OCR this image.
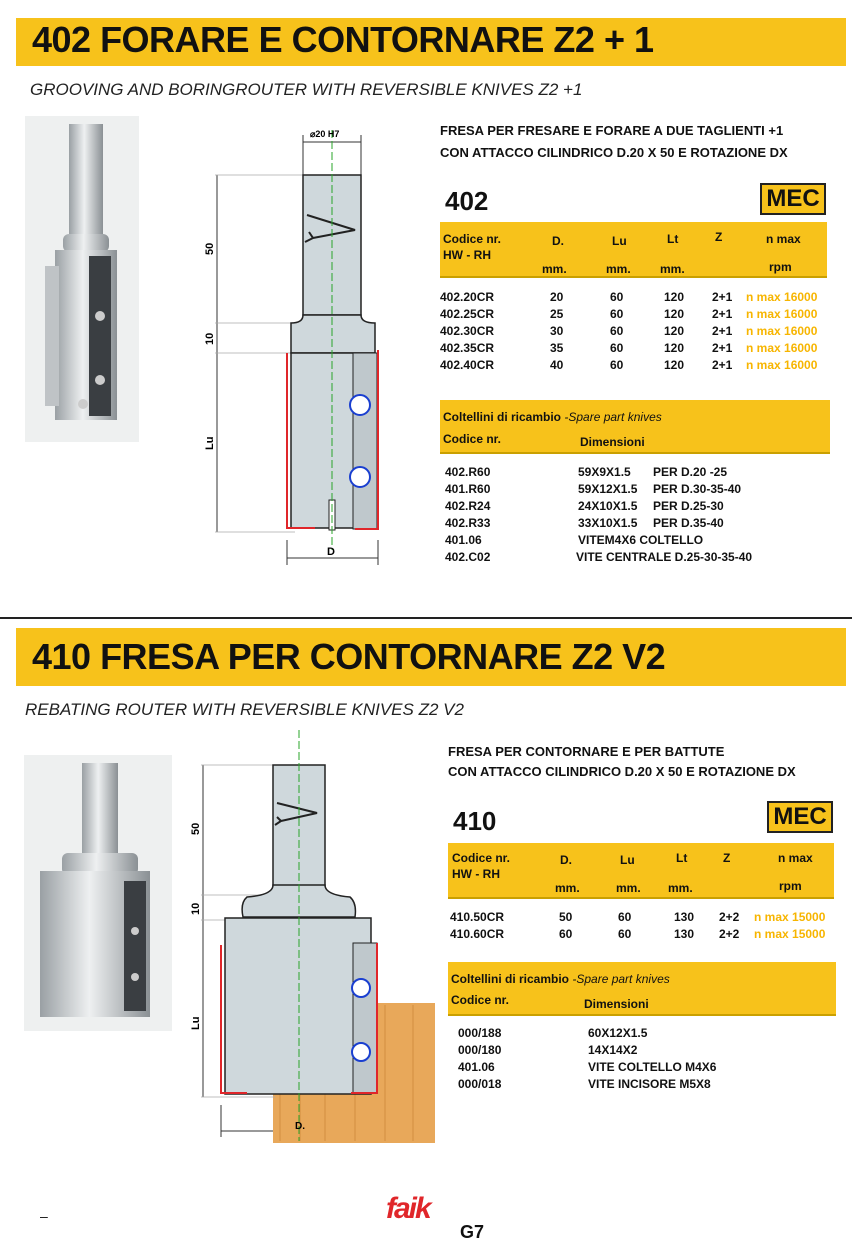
402 FORARE E CONTORNARE Z2 + 1
GROOVING AND BORINGROUTER WITH REVERSIBLE KNIVES Z2 +1
⌀20 H7
50
10
Lu
D
FRESA PER FRESARE E FORARE A DUE TAGLIENTI +1
CON ATTACCO CILINDRICO D.20 X 50 E ROTAZIONE DX
402	MEC
Codice nr.
HW - RH
D.	Lu	Lt	Z	n max
mm.	mm. mm.	rpm
402.20CR	20	60	120 2+1 n max 16000
402.25CR	25	60	120 2+1 n max 16000
402.30CR	30	60	120 2+1 n max 16000
402.35CR	35	60	120 2+1 n max 16000
402.40CR	40	60	120 2+1 n max 16000
Coltellini di ricambio -Spare part knives
Codice nr.	Dimensioni
402.R60	59X9X1.5 PER D.20 -25
401.R60	59X12X1.5 PER D.30-35-40
402.R24	24X10X1.5 PER D.25-30
402.R33	33X10X1.5 PER D.35-40
401.06	VITEM4X6 COLTELLO
402.C02	VITE CENTRALE D.25-30-35-40
410 FRESA PER CONTORNARE Z2 V2
REBATING ROUTER WITH REVERSIBLE KNIVES Z2 V2
50
10
Lu
D.
FRESA PER CONTORNARE E PER BATTUTE
CON ATTACCO CILINDRICO D.20 X 50 E ROTAZIONE DX
410	MEC
Codice nr.
HW - RH
D.	Lu	Lt	Z	n max
mm.	mm. mm.	rpm
410.50CR	50	60	130 2+2 n max 15000
410.60CR	60	60	130 2+2 n max 15000
Coltellini di ricambio -Spare part knives
Codice nr.	Dimensioni
000/188	60X12X1.5
000/180	14X14X2
401.06	VITE COLTELLO M4X6
000/018	VITE INCISORE M5X8
–	faik
G7
